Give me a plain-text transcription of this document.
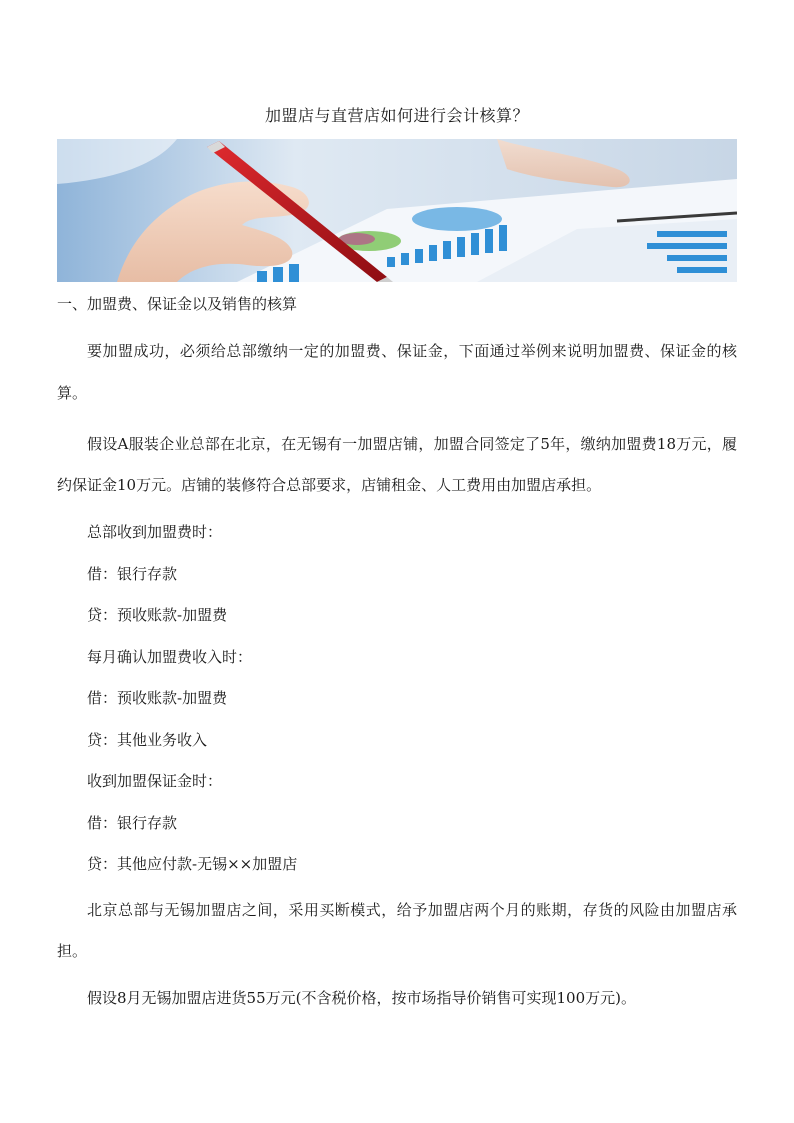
加盟店与直营店如何进行会计核算？
一、加盟费、保证金以及销售的核算

要加盟成功，必须给总部缴纳一定的加盟费、保证金，下面通过举例来说明加盟费、保证金的核算。

假设A服装企业总部在北京，在无锡有一加盟店铺，加盟合同签定了5年，缴纳加盟费18万元，履约保证金10万元。店铺的装修符合总部要求，店铺租金、人工费用由加盟店承担。

总部收到加盟费时：

借：银行存款

贷：预收账款-加盟费

每月确认加盟费收入时：

借：预收账款-加盟费

贷：其他业务收入

收到加盟保证金时：

借：银行存款

贷：其他应付款-无锡××加盟店

北京总部与无锡加盟店之间，采用买断模式，给予加盟店两个月的账期，存货的风险由加盟店承担。

假设8月无锡加盟店进货55万元(不含税价格，按市场指导价销售可实现100万元)。
